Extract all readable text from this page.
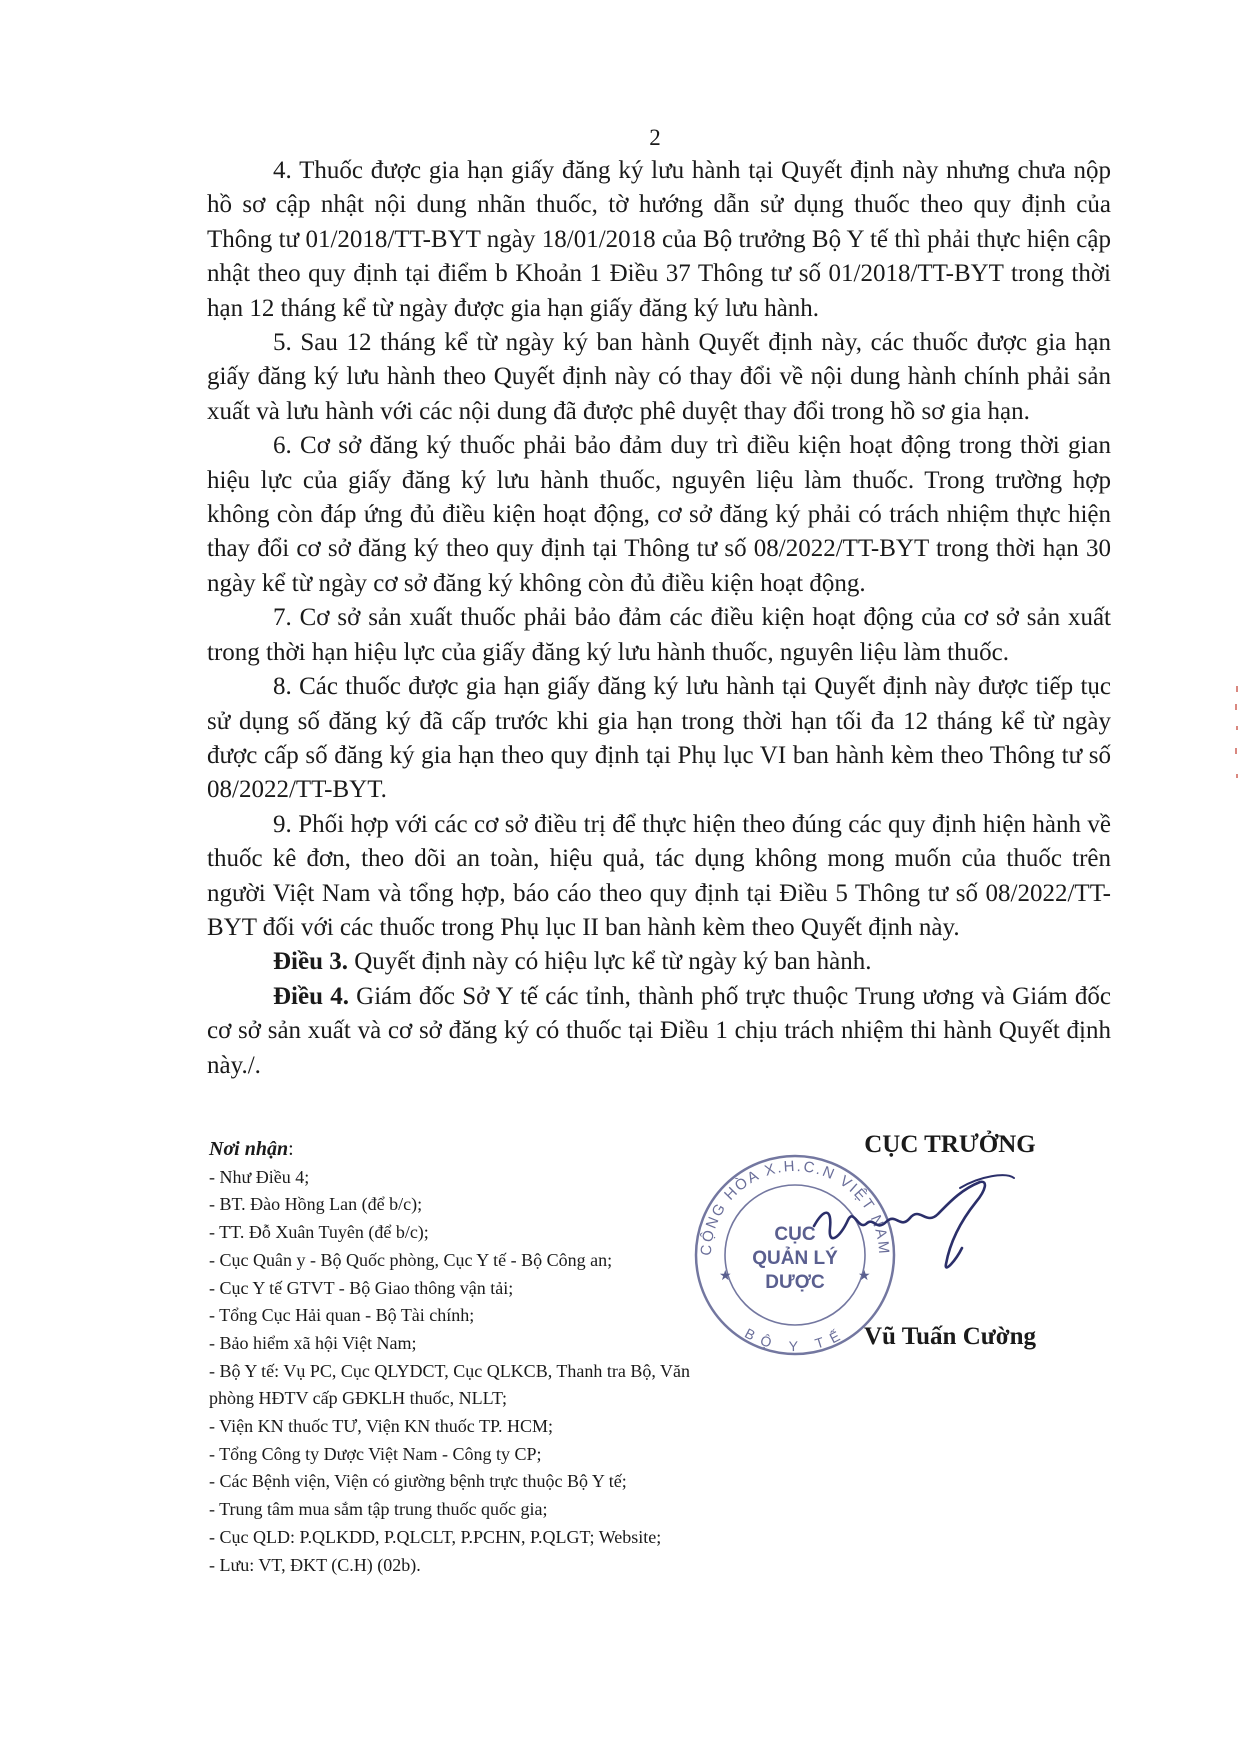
2

4. Thuốc được gia hạn giấy đăng ký lưu hành tại Quyết định này nhưng chưa nộp hồ sơ cập nhật nội dung nhãn thuốc, tờ hướng dẫn sử dụng thuốc theo quy định của Thông tư 01/2018/TT-BYT ngày 18/01/2018 của Bộ trưởng Bộ Y tế thì phải thực hiện cập nhật theo quy định tại điểm b Khoản 1 Điều 37 Thông tư số 01/2018/TT-BYT trong thời hạn 12 tháng kể từ ngày được gia hạn giấy đăng ký lưu hành.

5. Sau 12 tháng kể từ ngày ký ban hành Quyết định này, các thuốc được gia hạn giấy đăng ký lưu hành theo Quyết định này có thay đổi về nội dung hành chính phải sản xuất và lưu hành với các nội dung đã được phê duyệt thay đổi trong hồ sơ gia hạn.

6. Cơ sở đăng ký thuốc phải bảo đảm duy trì điều kiện hoạt động trong thời gian hiệu lực của giấy đăng ký lưu hành thuốc, nguyên liệu làm thuốc. Trong trường hợp không còn đáp ứng đủ điều kiện hoạt động, cơ sở đăng ký phải có trách nhiệm thực hiện thay đổi cơ sở đăng ký theo quy định tại Thông tư số 08/2022/TT-BYT trong thời hạn 30 ngày kể từ ngày cơ sở đăng ký không còn đủ điều kiện hoạt động.

7. Cơ sở sản xuất thuốc phải bảo đảm các điều kiện hoạt động của cơ sở sản xuất trong thời hạn hiệu lực của giấy đăng ký lưu hành thuốc, nguyên liệu làm thuốc.

8. Các thuốc được gia hạn giấy đăng ký lưu hành tại Quyết định này được tiếp tục sử dụng số đăng ký đã cấp trước khi gia hạn trong thời hạn tối đa 12 tháng kể từ ngày được cấp số đăng ký gia hạn theo quy định tại Phụ lục VI ban hành kèm theo Thông tư số 08/2022/TT-BYT.

9. Phối hợp với các cơ sở điều trị để thực hiện theo đúng các quy định hiện hành về thuốc kê đơn, theo dõi an toàn, hiệu quả, tác dụng không mong muốn của thuốc trên người Việt Nam và tổng hợp, báo cáo theo quy định tại Điều 5 Thông tư số 08/2022/TT-BYT đối với các thuốc trong Phụ lục II ban hành kèm theo Quyết định này.

Điều 3. Quyết định này có hiệu lực kể từ ngày ký ban hành.

Điều 4. Giám đốc Sở Y tế các tỉnh, thành phố trực thuộc Trung ương và Giám đốc cơ sở sản xuất và cơ sở đăng ký có thuốc tại Điều 1 chịu trách nhiệm thi hành Quyết định này./.

Nơi nhận:
- Như Điều 4;
- BT. Đào Hồng Lan (để b/c);
- TT. Đỗ Xuân Tuyên (để b/c);
- Cục Quân y - Bộ Quốc phòng, Cục Y tế - Bộ Công an;
- Cục Y tế GTVT - Bộ Giao thông vận tải;
- Tổng Cục Hải quan - Bộ Tài chính;
- Bảo hiểm xã hội Việt Nam;
- Bộ Y tế: Vụ PC, Cục QLYDCT, Cục QLKCB, Thanh tra Bộ, Văn phòng HĐTV cấp GĐKLH thuốc, NLLT;
- Viện KN thuốc TƯ, Viện KN thuốc TP. HCM;
- Tổng Công ty Dược Việt Nam - Công ty CP;
- Các Bệnh viện, Viện có giường bệnh trực thuộc Bộ Y tế;
- Trung tâm mua sắm tập trung thuốc quốc gia;
- Cục QLD: P.QLKDD, P.QLCLT, P.PCHN, P.QLGT; Website;
- Lưu: VT, ĐKT (C.H) (02b).
CỤC TRƯỞNG
CỘNG HÒA X.H.C.N VIỆT NAM
BỘ Y TẾ
★	★
CỤC
QUẢN LÝ
DƯỢC
Vũ Tuấn Cường
